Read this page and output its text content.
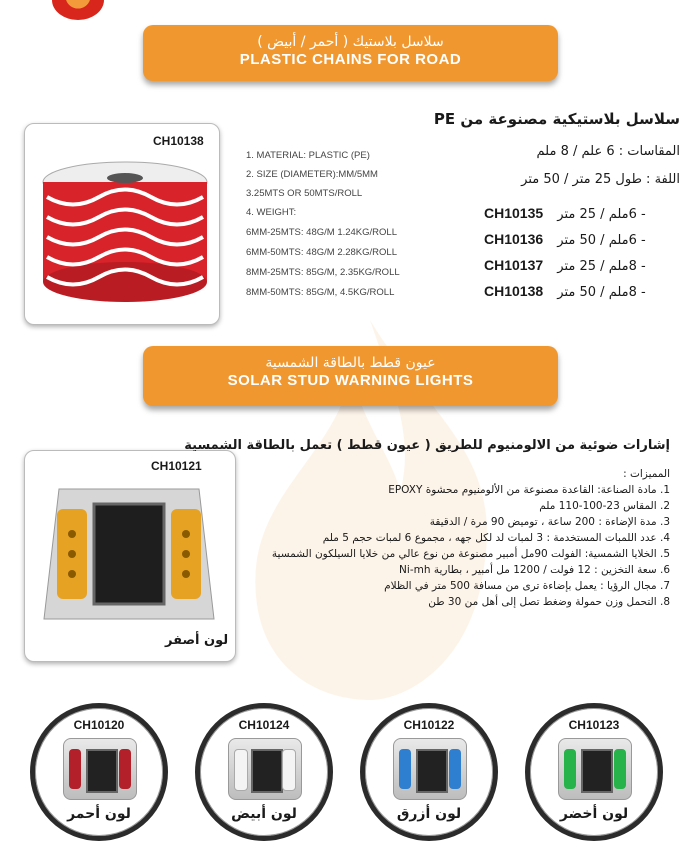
سلاسل بلاستيك ( أحمر / أبيض )
PLASTIC CHAINS FOR ROAD
CH10138
1. MATERIAL: PLASTIC (PE)
2. SIZE (DIAMETER):MM/5MM
3.25MTS OR 50MTS/ROLL
4. WEIGHT:
6MM-25MTS: 48G/M 1.24KG/ROLL
6MM-50MTS: 48G/M 2.28KG/ROLL
8MM-25MTS: 85G/M, 2.35KG/ROLL
8MM-50MTS: 85G/M, 4.5KG/ROLL
سلاسل بلاستيكية مصنوعة من PE
المقاسات : 6 علم / 8 ملم
اللفة : طول 25 متر / 50 متر
CH10135 - 6ملم / 25 متر
CH10136 - 6ملم / 50 متر
CH10137 - 8ملم / 25 متر
CH10138 - 8ملم / 50 متر
عيون قطط بالطاقة الشمسية
SOLAR STUD WARNING LIGHTS
CH10121
لون أصفر
إشارات ضوئية من الالومنيوم للطريق ( عيون قطط ) تعمل بالطاقة الشمسية
المميزات :
1. مادة الصناعة: القاعدة مصنوعة من الألومنيوم محشوة EPOXY
2. المقاس 23-100-110 ملم
3. مدة الإضاءة : 200 ساعة ، توميض 90 مرة / الدقيقة
4. عدد اللمبات المستخدمة : 3 لمبات لد لكل جهه ، مجموع 6 لمبات حجم 5 ملم
5. الخلايا الشمسية: الفولت 90مل أمبير مصنوعة من نوع عالي من خلايا السيلكون الشمسية
6. سعة التخزين : 12 فولت / 1200 مل أمبير ، بطارية Ni-mh
7. مجال الرؤيا : يعمل بإضاءة ترى من مسافة 500 متر في الظلام
8. التحمل وزن حمولة وضغط تصل إلى أهل من 30 طن
CH10120
لون أحمر
CH10124
لون أبيض
CH10122
لون أزرق
CH10123
لون أخضر
